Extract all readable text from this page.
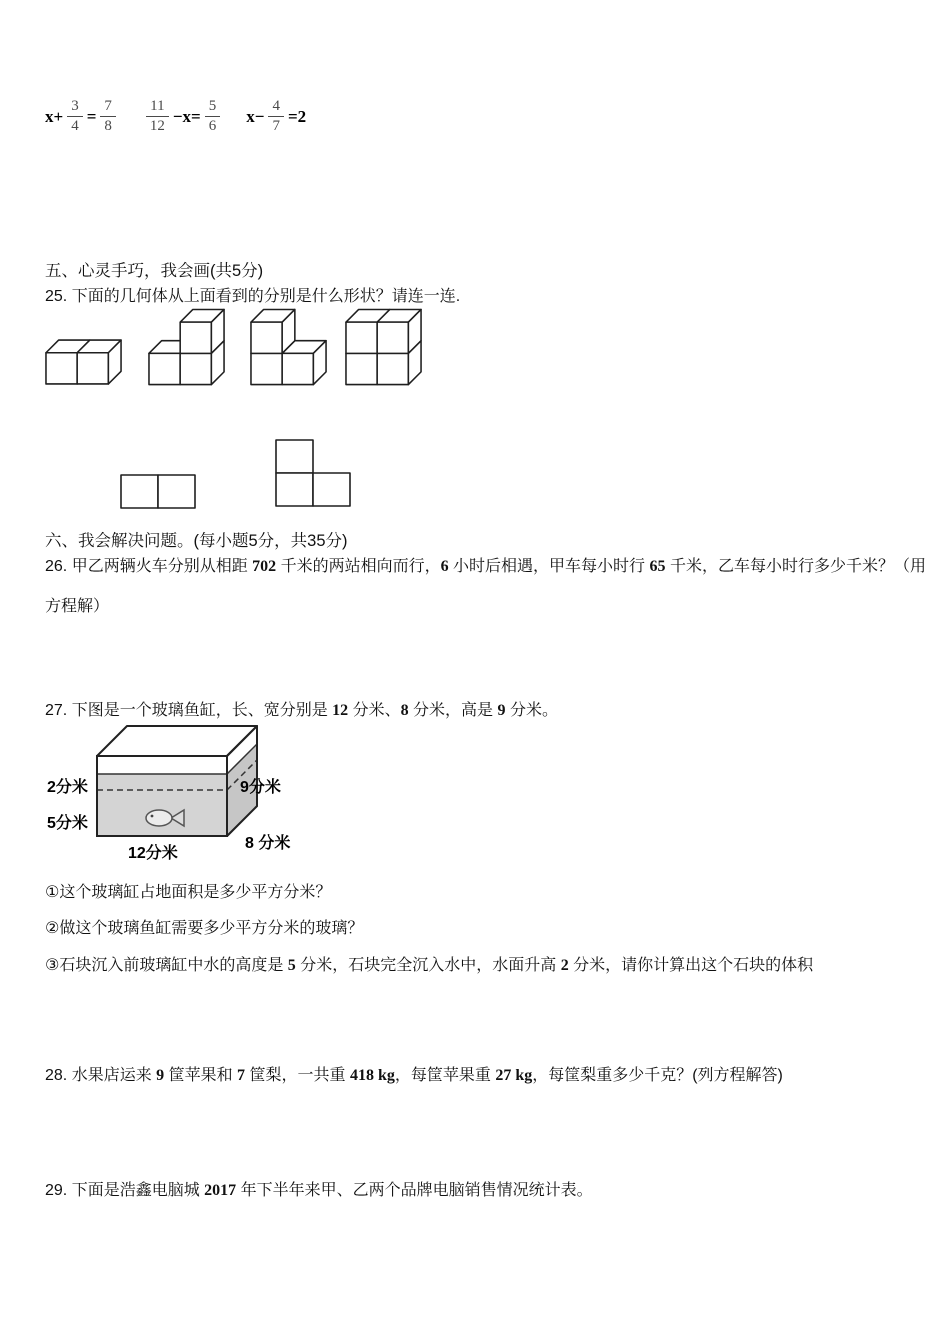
$x+ \frac{3}{4} = \frac{7}{8} \frac{11}{12} -x= \frac{5}{6} x- \frac{4}{7} =2$
五、心灵手巧，我会画(共5分)
25. 下面的几何体从上面看到的分别是什么形状？请连一连.
六、我会解决问题。(每小题5分，共35分)
26. 甲乙两辆火车分别从相距 702 千米的两站相向而行，6 小时后相遇，甲车每小时行 65 千米，乙车每小时行多少千米？（用方程解）
27. 下图是一个玻璃鱼缸，长、宽分别是 12 分米、8 分米，高是 9 分米。
2分米
5分米
9分米
12分米
8 分米
①这个玻璃缸占地面积是多少平方分米？
②做这个玻璃鱼缸需要多少平方分米的玻璃？
③石块沉入前玻璃缸中水的高度是 5 分米，石块完全沉入水中，水面升高 2 分米，请你计算出这个石块的体积
28. 水果店运来 9 筐苹果和 7 筐梨，一共重 418 kg，每筐苹果重 27 kg，每筐梨重多少千克？(列方程解答)
29. 下面是浩鑫电脑城 2017 年下半年来甲、乙两个品牌电脑销售情况统计表。
